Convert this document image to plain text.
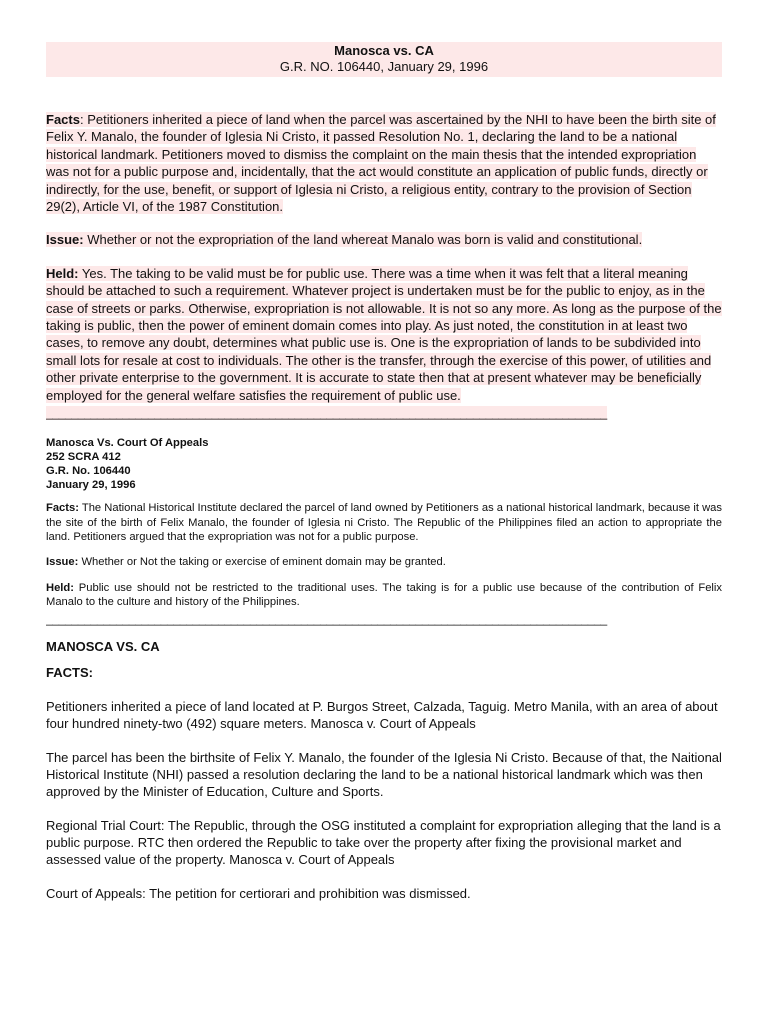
Manosca vs. CA
G.R. NO. 106440, January 29, 1996

Facts: Petitioners inherited a piece of land when the parcel was ascertained by the NHI to have been the birth site of Felix Y. Manalo, the founder of Iglesia Ni Cristo, it passed Resolution No. 1, declaring the land to be a national historical landmark. Petitioners moved to dismiss the complaint on the main thesis that the intended expropriation was not for a public purpose and, incidentally, that the act would constitute an application of public funds, directly or indirectly, for the use, benefit, or support of Iglesia ni Cristo, a religious entity, contrary to the provision of Section 29(2), Article VI, of the 1987 Constitution.

Issue: Whether or not the expropriation of the land whereat Manalo was born is valid and constitutional.

Held: Yes. The taking to be valid must be for public use. There was a time when it was felt that a literal meaning should be attached to such a requirement. Whatever project is undertaken must be for the public to enjoy, as in the case of streets or parks. Otherwise, expropriation is not allowable. It is not so any more. As long as the purpose of the taking is public, then the power of eminent domain comes into play. As just noted, the constitution in at least two cases, to remove any doubt, determines what public use is. One is the expropriation of lands to be subdivided into small lots for resale at cost to individuals. The other is the transfer, through the exercise of this power, of utilities and other private enterprise to the government. It is accurate to state then that at present whatever may be beneficially employed for the general welfare satisfies the requirement of public use.

________________________________________________________________________________________
Manosca Vs. Court Of Appeals
252 SCRA 412
G.R. No. 106440
January 29, 1996

Facts: The National Historical Institute declared the parcel of land owned by Petitioners as a national historical landmark, because it was the site of the birth of Felix Manalo, the founder of Iglesia ni Cristo. The Republic of the Philippines filed an action to appropriate the land. Petitioners argued that the expropriation was not for a public purpose.

Issue: Whether or Not the taking or exercise of eminent domain may be granted.

Held: Public use should not be restricted to the traditional uses. The taking is for a public use because of the contribution of Felix Manalo to the culture and history of the Philippines.

________________________________________________________________________________________

MANOSCA VS. CA

FACTS:

Petitioners inherited a piece of land located at P. Burgos Street, Calzada, Taguig. Metro Manila, with an area of about four hundred ninety-two (492) square meters. Manosca v. Court of Appeals

The parcel has been the birthsite of Felix Y. Manalo, the founder of the Iglesia Ni Cristo. Because of that, the Naitional Historical Institute (NHI) passed a resolution declaring the land to be a national historical landmark which was then approved by the Minister of Education, Culture and Sports.

Regional Trial Court: The Republic, through the OSG instituted a complaint for expropriation alleging that the land is a public purpose. RTC then ordered the Republic to take over the property after fixing the provisional market and assessed value of the property. Manosca v. Court of Appeals

Court of Appeals: The petition for certiorari and prohibition was dismissed.
